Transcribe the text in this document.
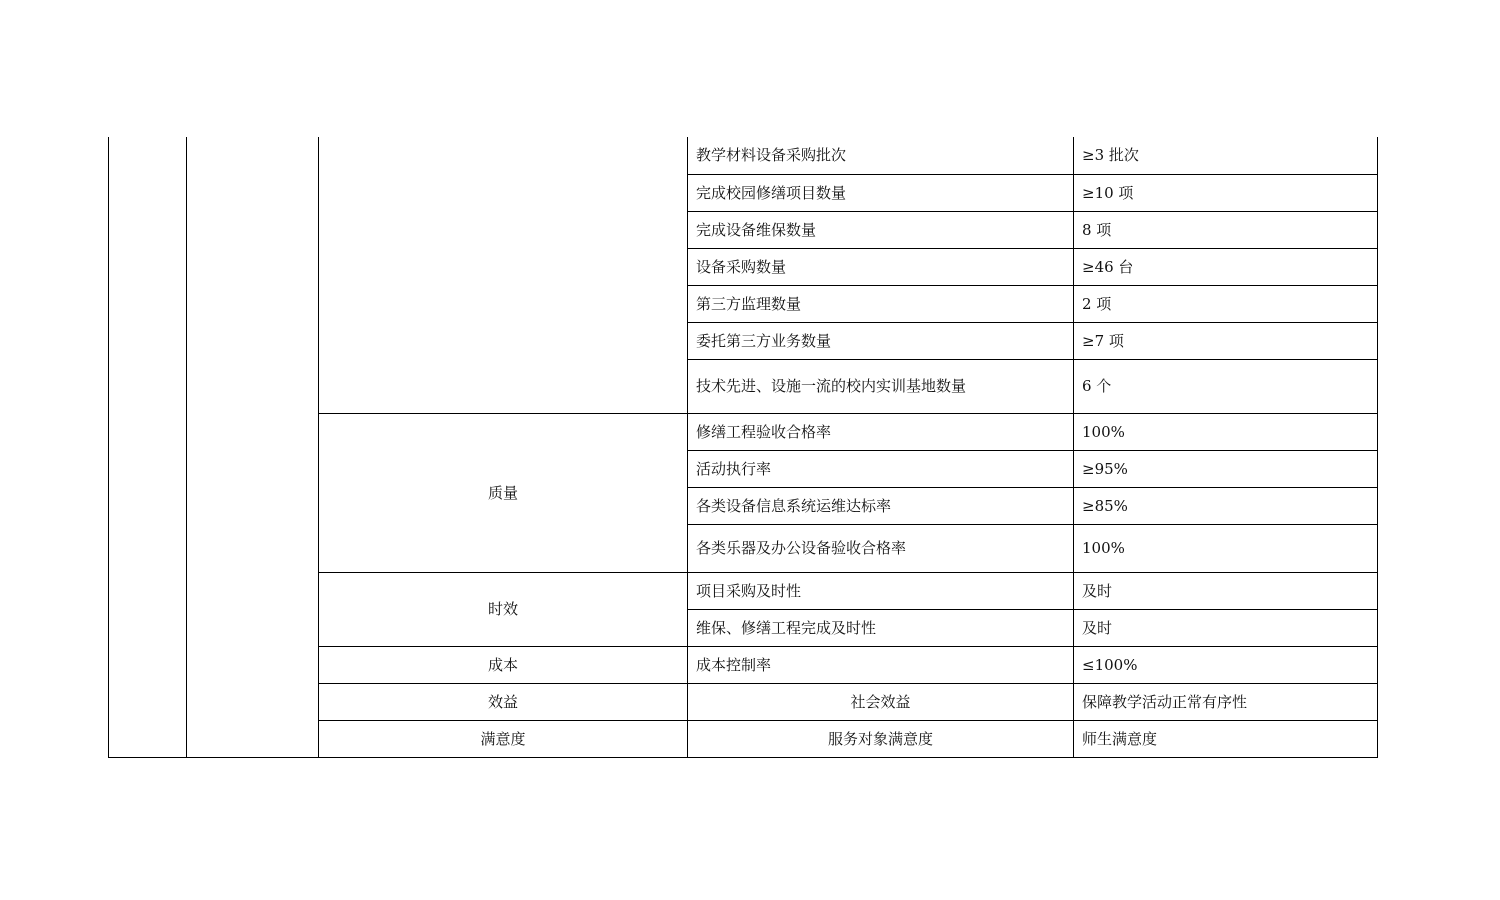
			教学材料设备采购批次	≥3 批次	
			完成校园修缮项目数量	≥10 项	
			完成设备维保数量	8 项	
			设备采购数量	≥46 台	
			第三方监理数量	2 项	
			委托第三方业务数量	≥7 项	
			技术先进、设施一流的校内实训基地数量	6 个	
		质量	修缮工程验收合格率	100%	
			活动执行率	≥95%	
			各类设备信息系统运维达标率	≥85%	
			各类乐器及办公设备验收合格率	100%	
		时效	项目采购及时性	及时	
			维保、修缮工程完成及时性	及时	
		成本	成本控制率	≤100%	
		效益	社会效益	保障教学活动正常有序性	
		满意度	服务对象满意度	师生满意度	
